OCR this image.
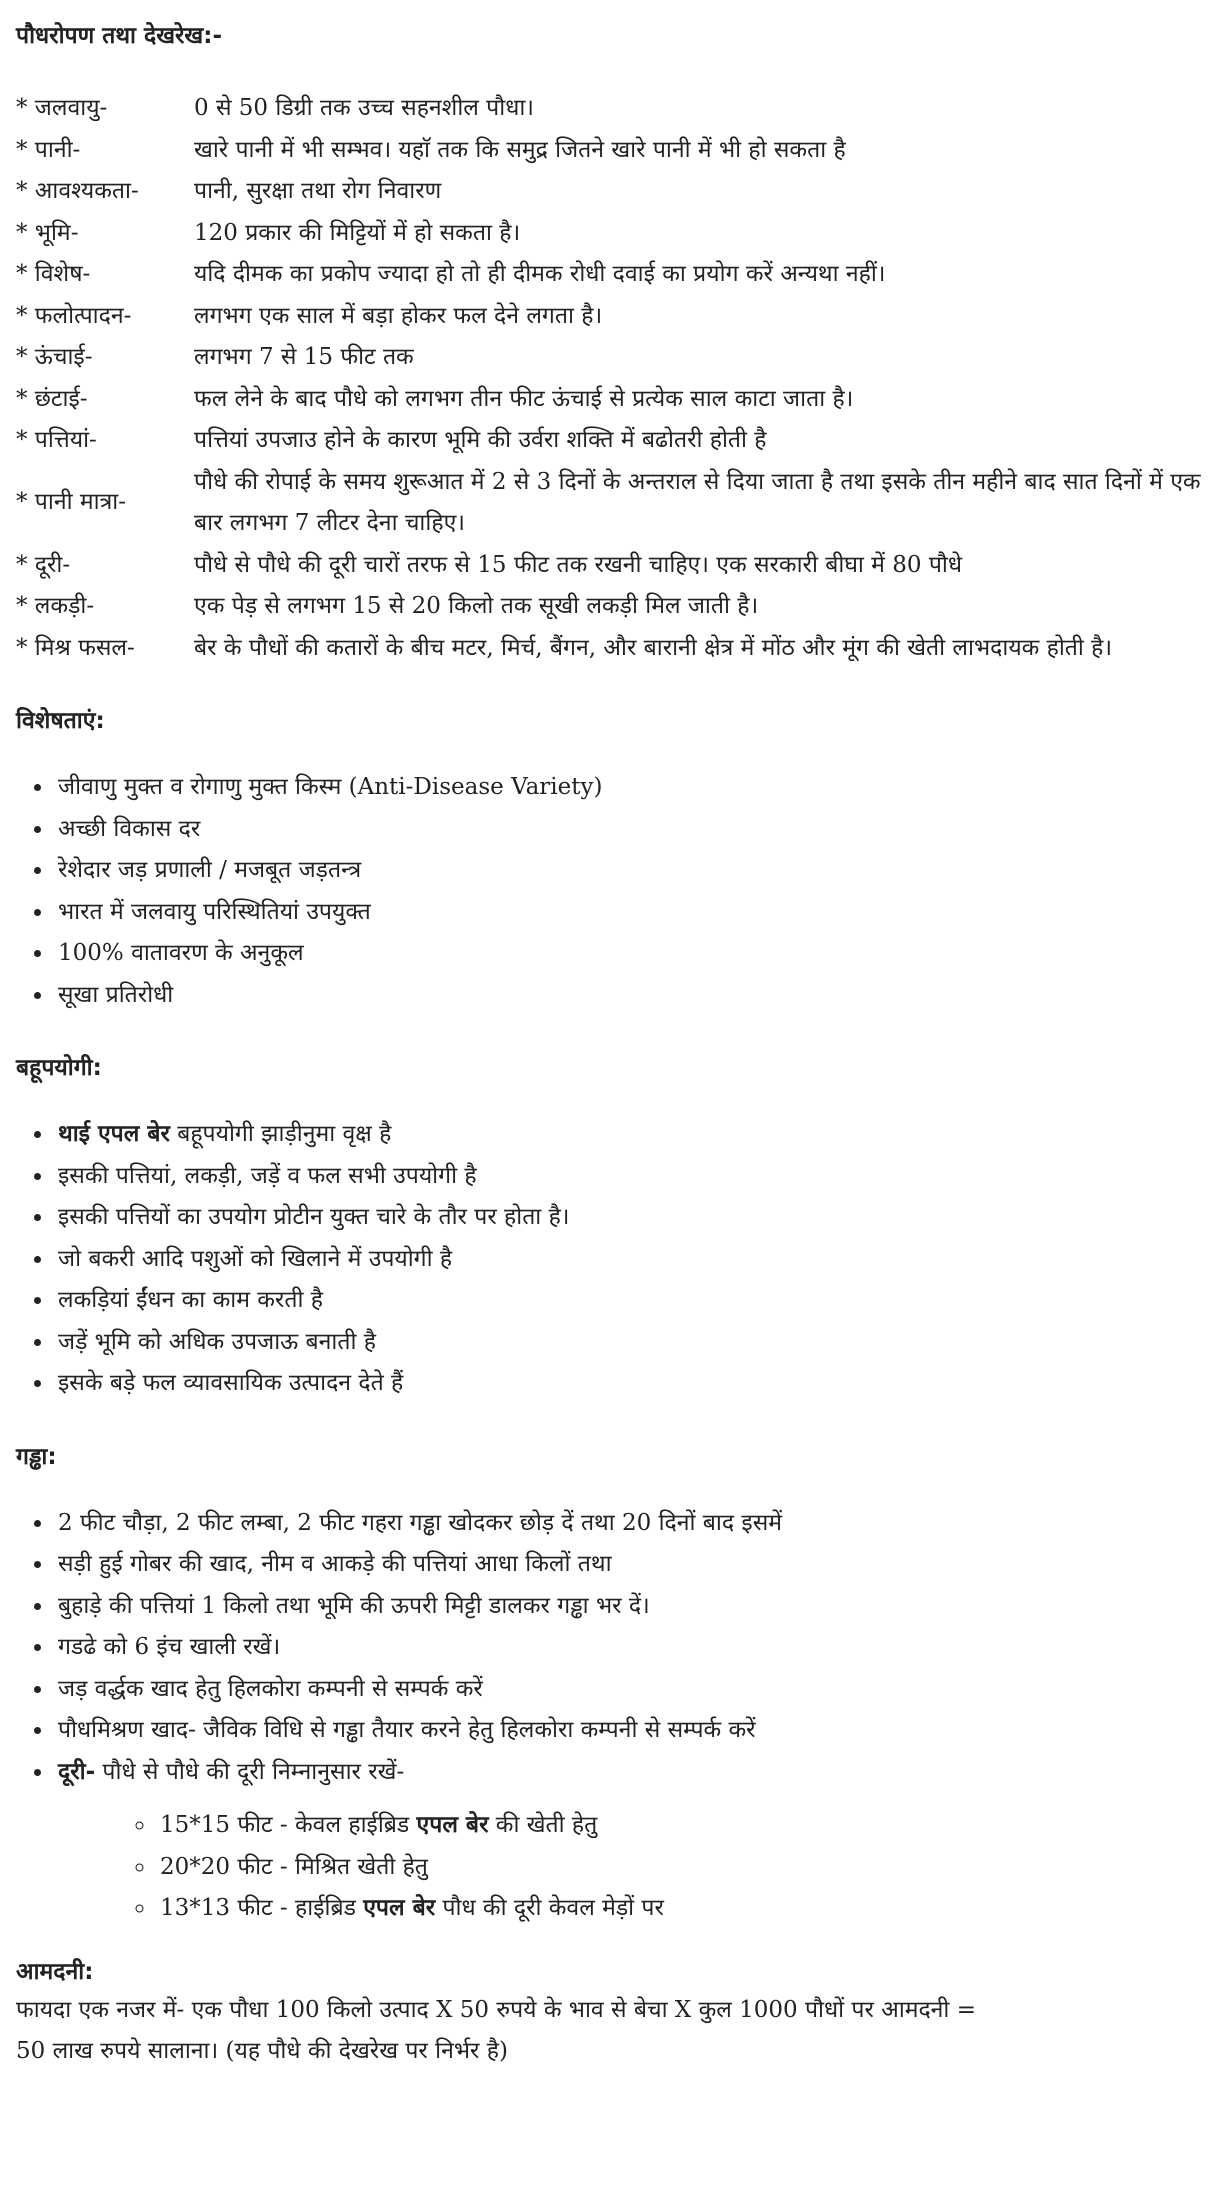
पौधरोपण तथा देखरेख:-
* जलवायु-	0 से 50 डिग्री तक उच्च सहनशील पौधा।
* पानी-	खारे पानी में भी सम्भव। यहाॅ तक कि समुद्र जितने खारे पानी में भी हो सकता है
* आवश्यकता-	पानी, सुरक्षा तथा रोग निवारण
* भूमि-	120 प्रकार की मिट्टियों में हो सकता है।
* विशेष-	यदि दीमक का प्रकोप ज्यादा हो तो ही दीमक रोधी दवाई का प्रयोग करें अन्यथा नहीं।
* फलोत्पादन-	लगभग एक साल में बड़ा होकर फल देने लगता है।
* ऊंचाई-	लगभग 7 से 15 फीट तक
* छंटाई-	फल लेने के बाद पौधे को लगभग तीन फीट ऊंचाई से प्रत्येक साल काटा जाता है।
* पत्तियां-	पत्तियां उपजाउ होने के कारण भूमि की उर्वरा शक्ति में बढोतरी होती है
* पानी मात्रा-	पौधे की रोपाई के समय शुरूआत में 2 से 3 दिनों के अन्तराल से दिया जाता है तथा इसके तीन महीने बाद सात दिनों में एक बार लगभग 7 लीटर देना चाहिए।
* दूरी-	पौधे से पौधे की दूरी चारों तरफ से 15 फीट तक रखनी चाहिए। एक सरकारी बीघा में 80 पौधे
* लकड़ी-	एक पेड़ से लगभग 15 से 20 किलो तक सूखी लकड़ी मिल जाती है।
* मिश्र फसल-	बेर के पौधों की कतारों के बीच मटर, मिर्च, बैंगन, और बारानी क्षेत्र में मोंठ और मूंग की खेती लाभदायक होती है।
विशेषताएं:
• जीवाणु मुक्त व रोगाणु मुक्त किस्म (Anti-Disease Variety)
• अच्छी विकास दर
• रेशेदार जड़ प्रणाली / मजबूत जड़तन्त्र
• भारत में जलवायु परिस्थितियां उपयुक्त
• 100% वातावरण के अनुकूल
• सूखा प्रतिरोधी
बहूपयोगी:
• थाई एपल बेर बहूपयोगी झाड़ीनुमा वृक्ष है
• इसकी पत्तियां, लकड़ी, जड़ें व फल सभी उपयोगी है
• इसकी पत्तियों का उपयोग प्रोटीन युक्त चारे के तौर पर होता है।
• जो बकरी आदि पशुओं को खिलाने में उपयोगी है
• लकड़ियां ईंधन का काम करती है
• जड़ें भूमि को अधिक उपजाऊ बनाती है
• इसके बड़े फल व्यावसायिक उत्पादन देते हैं
गड्ढा:
• 2 फीट चौड़ा, 2 फीट लम्बा, 2 फीट गहरा गड्ढा खोदकर छोड़ दें तथा 20 दिनों बाद इसमें
• सड़ी हुई गोबर की खाद, नीम व आकड़े की पत्तियां आधा किलों तथा
• बुहाड़े की पत्तियां 1 किलो तथा भूमि की ऊपरी मिट्टी डालकर गड्ढा भर दें।
• गडढे को 6 इंच खाली रखें।
• जड़ वर्द्धक खाद हेतु हिलकोरा कम्पनी से सम्पर्क करें
• पौधमिश्रण खाद- जैविक विधि से गड्ढा तैयार करने हेतु हिलकोरा कम्पनी से सम्पर्क करें
• दूरी- पौधे से पौधे की दूरी निम्नानुसार रखें-
◦ 15*15 फीट - केवल हाईब्रिड एपल बेर की खेती हेतु
◦ 20*20 फीट - मिश्रित खेती हेतु
◦ 13*13 फीट - हाईब्रिड एपल बेर पौध की दूरी केवल मेड़ों पर
आमदनी:

फायदा एक नजर में- एक पौधा 100 किलो उत्पाद X 50 रुपये के भाव से बेचा X कुल 1000 पौधों पर आमदनी =

50 लाख रुपये सालाना। (यह पौधे की देखरेख पर निर्भर है)
